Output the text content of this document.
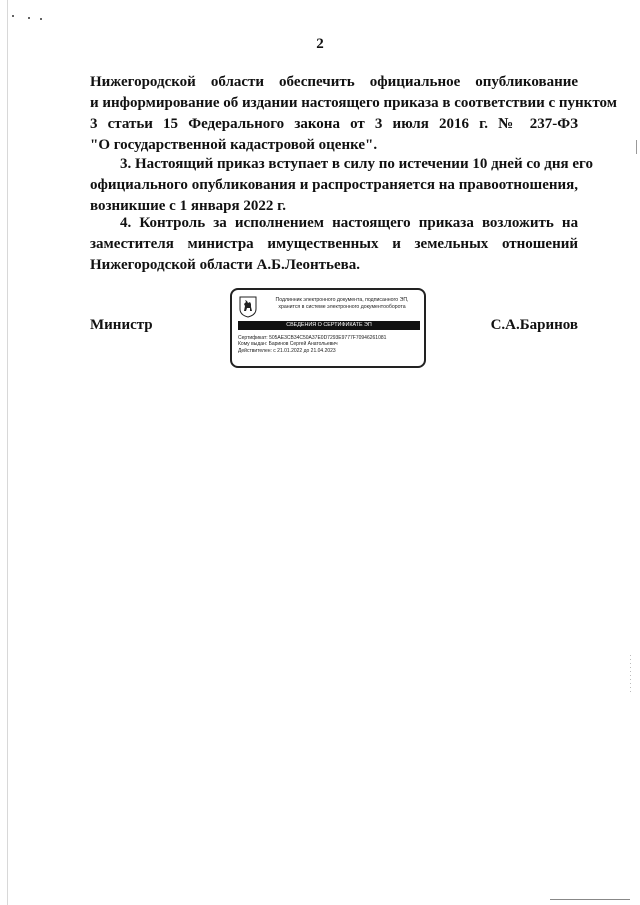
2
Нижегородской области обеспечить официальное опубликование
и информирование об издании настоящего приказа в соответствии с пунктом
3 статьи 15 Федерального закона от 3 июля 2016 г. № 237-ФЗ
"О государственной кадастровой оценке".
3. Настоящий приказ вступает в силу по истечении 10 дней со дня его
официального опубликования и распространяется на правоотношения,
возникшие с 1 января 2022 г.
4. Контроль за исполнением настоящего приказа возложить на
заместителя министра имущественных и земельных отношений
Нижегородской области А.Б.Леонтьева.
Министр	С.А.Баринов
Подлинник электронного документа, подписанного ЭП,
хранится в системе электронного документооборота
СВЕДЕНИЯ О СЕРТИФИКАТЕ ЭП
Сертификат: 505AE3CB34C50A37E0D7293E9777F70946261081
Кому выдан: Баринов Сергей Анатольевич
Действителен: с 21.01.2022 до 21.04.2023
